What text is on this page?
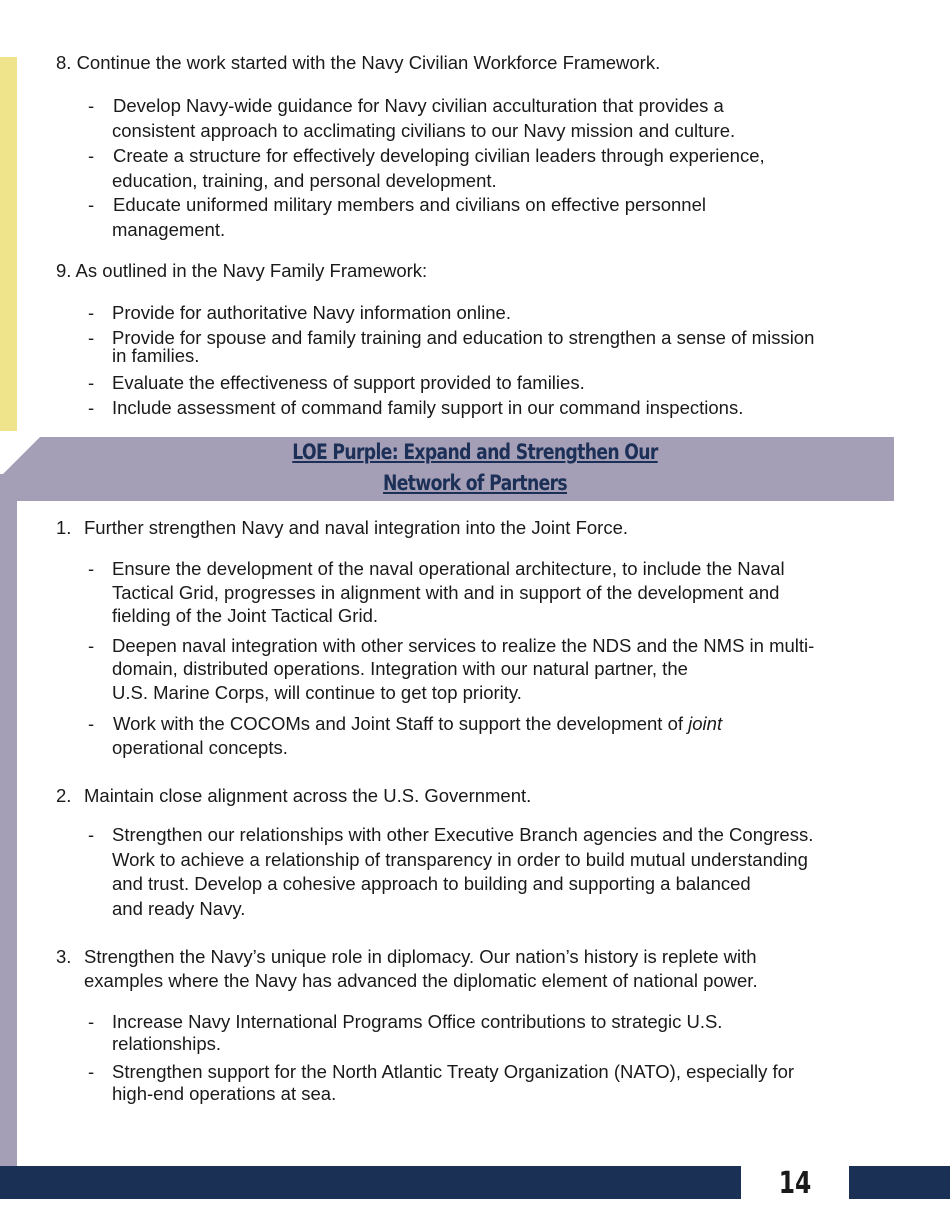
8. Continue the work started with the Navy Civilian Workforce Framework.
- Develop Navy-wide guidance for Navy civilian acculturation that provides a
consistent approach to acclimating civilians to our Navy mission and culture.
- Create a structure for effectively developing civilian leaders through experience,
education, training, and personal development.
- Educate uniformed military members and civilians on effective personnel
management.
9. As outlined in the Navy Family Framework:
- Provide for authoritative Navy information online.
- Provide for spouse and family training and education to strengthen a sense of mission
in families.
- Evaluate the effectiveness of support provided to families.
- Include assessment of command family support in our command inspections.
LOE Purple: Expand and Strengthen Our
Network of Partners
1. Further strengthen Navy and naval integration into the Joint Force.
- Ensure the development of the naval operational architecture, to include the Naval
Tactical Grid, progresses in alignment with and in support of the development and
fielding of the Joint Tactical Grid.
- Deepen naval integration with other services to realize the NDS and the NMS in multi-
domain, distributed operations. Integration with our natural partner, the
U.S. Marine Corps, will continue to get top priority.
- Work with the COCOMs and Joint Staff to support the development of joint
operational concepts.
2. Maintain close alignment across the U.S. Government.
- Strengthen our relationships with other Executive Branch agencies and the Congress.
Work to achieve a relationship of transparency in order to build mutual understanding
and trust. Develop a cohesive approach to building and supporting a balanced
and ready Navy.
3. Strengthen the Navy’s unique role in diplomacy. Our nation’s history is replete with
examples where the Navy has advanced the diplomatic element of national power.
- Increase Navy International Programs Office contributions to strategic U.S.
relationships.
- Strengthen support for the North Atlantic Treaty Organization (NATO), especially for
high-end operations at sea.
14
